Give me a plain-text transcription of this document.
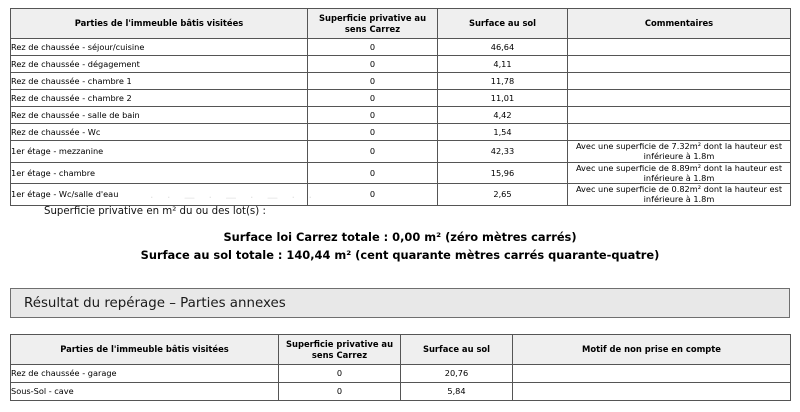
Parties de l'immeuble bâtis visitées	Superficie privative au sens Carrez	Surface au sol	Commentaires
Rez de chaussée - séjour/cuisine	0	46,64	
Rez de chaussée - dégagement	0	4,11	
Rez de chaussée - chambre 1	0	11,78	
Rez de chaussée - chambre 2	0	11,01	
Rez de chaussée - salle de bain	0	4,42	
Rez de chaussée - Wc	0	1,54	
1er étage - mezzanine	0	42,33	Avec une superficie de 7.32m² dont la hauteur est inférieure à 1.8m
1er étage - chambre	0	15,96	Avec une superficie de 8.89m² dont la hauteur est inférieure à 1.8m
1er étage - Wc/salle d'eau	0	2,65	Avec une superficie de 0.82m² dont la hauteur est inférieure à 1.8m
Superficie privative en m² du ou des lot(s) :
Surface loi Carrez totale : 0,00 m² (zéro mètres carrés)
Surface au sol totale : 140,44 m² (cent quarante mètres carrés quarante-quatre)
Résultat du repérage – Parties annexes
Parties de l'immeuble bâtis visitées	Superficie privative au sens Carrez	Surface au sol	Motif de non prise en compte
Rez de chaussée - garage	0	20,76	
Sous-Sol - cave	0	5,84	
